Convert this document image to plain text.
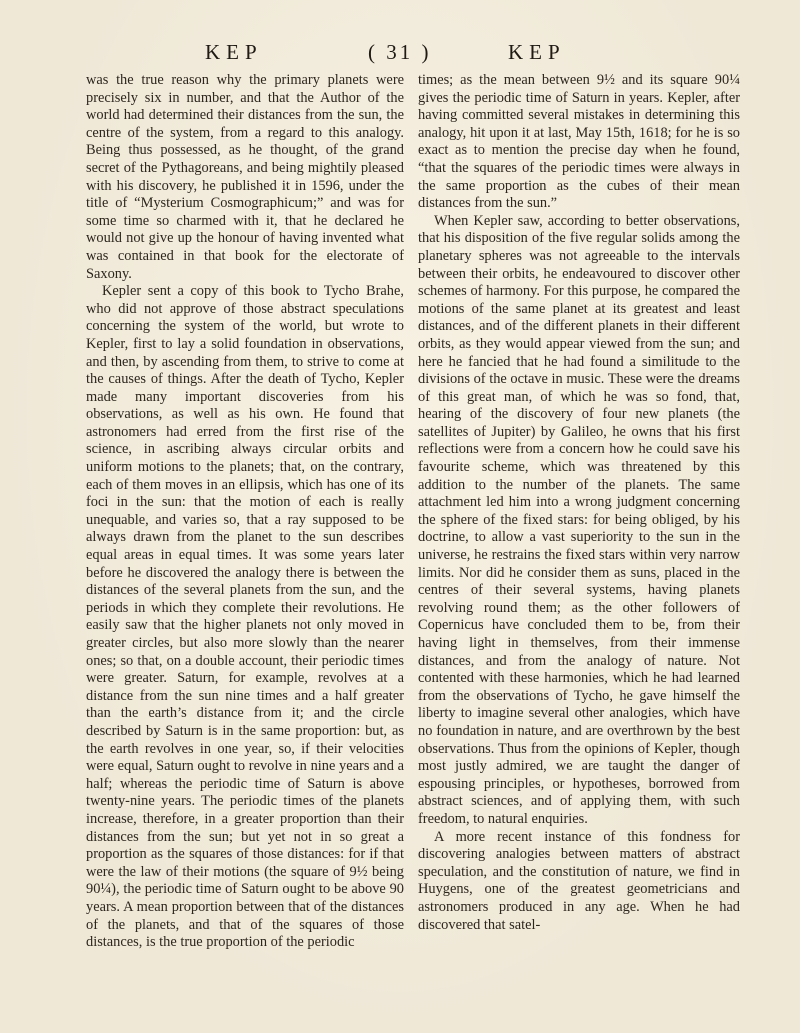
KEP	( 31 )	KEP

was the true reason why the primary planets were precisely six in number, and that the Author of the world had determined their distances from the sun, the centre of the system, from a regard to this analogy. Being thus possessed, as he thought, of the grand secret of the Pythagoreans, and being mightily pleased with his discovery, he published it in 1596, under the title of “Mysterium Cosmographicum;” and was for some time so charmed with it, that he declared he would not give up the honour of having invented what was contained in that book for the electorate of Saxony.

Kepler sent a copy of this book to Tycho Brahe, who did not approve of those abstract speculations concerning the system of the world, but wrote to Kepler, first to lay a solid foundation in observations, and then, by ascending from them, to strive to come at the causes of things. After the death of Tycho, Kepler made many important discoveries from his observations, as well as his own. He found that astronomers had erred from the first rise of the science, in ascribing always circular orbits and uniform motions to the planets; that, on the contrary, each of them moves in an ellipsis, which has one of its foci in the sun: that the motion of each is really unequable, and varies so, that a ray supposed to be always drawn from the planet to the sun describes equal areas in equal times. It was some years later before he discovered the analogy there is between the distances of the several planets from the sun, and the periods in which they complete their revolutions. He easily saw that the higher planets not only moved in greater circles, but also more slowly than the nearer ones; so that, on a double account, their periodic times were greater. Saturn, for example, revolves at a distance from the sun nine times and a half greater than the earth’s distance from it; and the circle described by Saturn is in the same proportion: but, as the earth revolves in one year, so, if their velocities were equal, Saturn ought to revolve in nine years and a half; whereas the periodic time of Saturn is above twenty-nine years. The periodic times of the planets increase, therefore, in a greater proportion than their distances from the sun; but yet not in so great a proportion as the squares of those distances: for if that were the law of their motions (the square of 9½ being 90¼), the periodic time of Saturn ought to be above 90 years. A mean proportion between that of the distances of the planets, and that of the squares of those distances, is the true proportion of the periodic

times; as the mean between 9½ and its square 90¼ gives the periodic time of Saturn in years. Kepler, after having committed several mistakes in determining this analogy, hit upon it at last, May 15th, 1618; for he is so exact as to mention the precise day when he found, “that the squares of the periodic times were always in the same proportion as the cubes of their mean distances from the sun.”

When Kepler saw, according to better observations, that his disposition of the five regular solids among the planetary spheres was not agreeable to the intervals between their orbits, he endeavoured to discover other schemes of harmony. For this purpose, he compared the motions of the same planet at its greatest and least distances, and of the different planets in their different orbits, as they would appear viewed from the sun; and here he fancied that he had found a similitude to the divisions of the octave in music. These were the dreams of this great man, of which he was so fond, that, hearing of the discovery of four new planets (the satellites of Jupiter) by Galileo, he owns that his first reflections were from a concern how he could save his favourite scheme, which was threatened by this addition to the number of the planets. The same attachment led him into a wrong judgment concerning the sphere of the fixed stars: for being obliged, by his doctrine, to allow a vast superiority to the sun in the universe, he restrains the fixed stars within very narrow limits. Nor did he consider them as suns, placed in the centres of their several systems, having planets revolving round them; as the other followers of Copernicus have concluded them to be, from their having light in themselves, from their immense distances, and from the analogy of nature. Not contented with these harmonies, which he had learned from the observations of Tycho, he gave himself the liberty to imagine several other analogies, which have no foundation in nature, and are overthrown by the best observations. Thus from the opinions of Kepler, though most justly admired, we are taught the danger of espousing principles, or hypotheses, borrowed from abstract sciences, and of applying them, with such freedom, to natural enquiries.

A more recent instance of this fondness for discovering analogies between matters of abstract speculation, and the constitution of nature, we find in Huygens, one of the greatest geometricians and astronomers produced in any age. When he had discovered that satel-
